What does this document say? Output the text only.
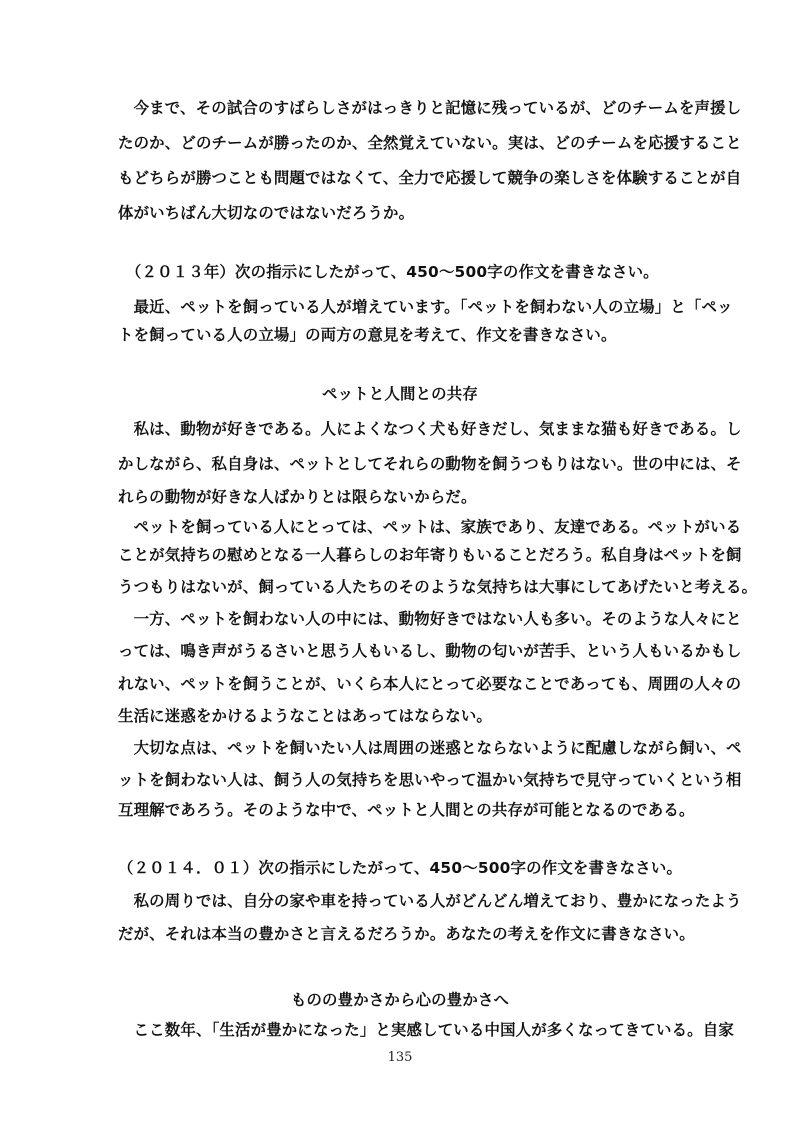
　今まで、その試合のすばらしさがはっきりと記憶に残っているが、どのチームを声援し
たのか、どのチームが勝ったのか、全然覚えていない。実は、どのチームを応援すること
もどちらが勝つことも問題ではなくて、全力で応援して競争の楽しさを体験することが自
体がいちばん大切なのではないだろうか。
　（２０１３年）次の指示にしたがって、450～500字の作文を書きなさい。
　最近、ペットを飼っている人が増えています。「ペットを飼わない人の立場」と「ペッ
トを飼っている人の立場」の両方の意見を考えて、作文を書きなさい。
ペットと人間との共存
　私は、動物が好きである。人によくなつく犬も好きだし、気ままな猫も好きである。し
かしながら、私自身は、ペットとしてそれらの動物を飼うつもりはない。世の中には、そ
れらの動物が好きな人ばかりとは限らないからだ。
　ペットを飼っている人にとっては、ペットは、家族であり、友達である。ペットがいる
ことが気持ちの慰めとなる一人暮らしのお年寄りもいることだろう。私自身はペットを飼
うつもりはないが、飼っている人たちのそのような気持ちは大事にしてあげたいと考える。
　一方、ペットを飼わない人の中には、動物好きではない人も多い。そのような人々にと
っては、鳴き声がうるさいと思う人もいるし、動物の匂いが苦手、という人もいるかもし
れない、ペットを飼うことが、いくら本人にとって必要なことであっても、周囲の人々の
生活に迷惑をかけるようなことはあってはならない。
　大切な点は、ペットを飼いたい人は周囲の迷惑とならないように配慮しながら飼い、ペ
ットを飼わない人は、飼う人の気持ちを思いやって温かい気持ちで見守っていくという相
互理解であろう。そのような中で、ペットと人間との共存が可能となるのである。
（２０１４．０１）次の指示にしたがって、450～500字の作文を書きなさい。
　私の周りでは、自分の家や車を持っている人がどんどん増えており、豊かになったよう
だが、それは本当の豊かさと言えるだろうか。あなたの考えを作文に書きなさい。
ものの豊かさから心の豊かさへ
　ここ数年、「生活が豊かになった」と実感している中国人が多くなってきている。自家
135
